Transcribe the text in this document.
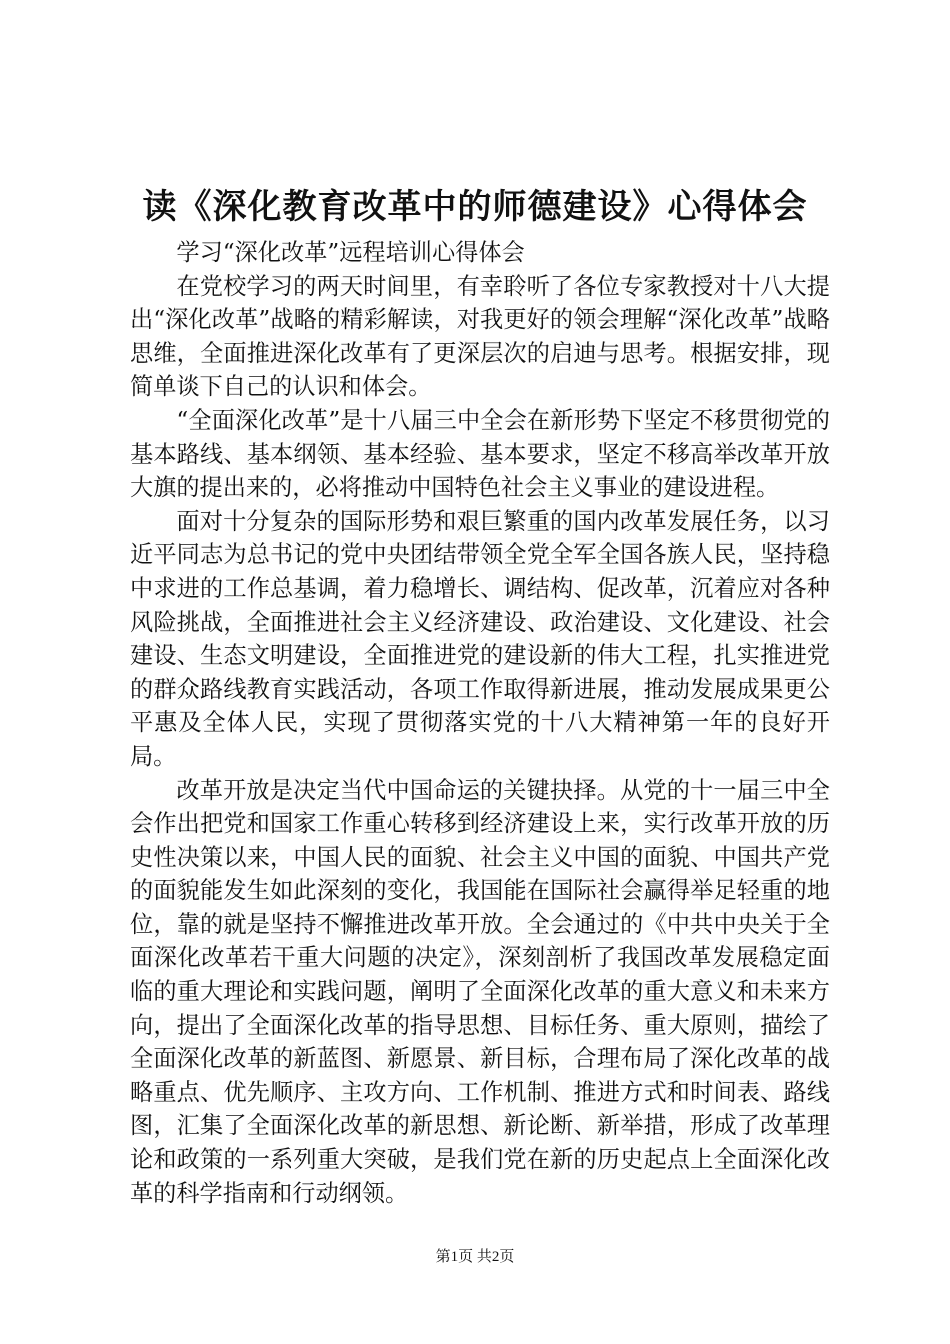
读《深化教育改革中的师德建设》心得体会

学习“深化改革”远程培训心得体会

在党校学习的两天时间里，有幸聆听了各位专家教授对十八大提出“深化改革”战略的精彩解读，对我更好的领会理解“深化改革”战略思维，全面推进深化改革有了更深层次的启迪与思考。根据安排，现简单谈下自己的认识和体会。

“全面深化改革”是十八届三中全会在新形势下坚定不移贯彻党的基本路线、基本纲领、基本经验、基本要求，坚定不移高举改革开放大旗的提出来的，必将推动中国特色社会主义事业的建设进程。

面对十分复杂的国际形势和艰巨繁重的国内改革发展任务，以习近平同志为总书记的党中央团结带领全党全军全国各族人民，坚持稳中求进的工作总基调，着力稳增长、调结构、促改革，沉着应对各种风险挑战，全面推进社会主义经济建设、政治建设、文化建设、社会建设、生态文明建设，全面推进党的建设新的伟大工程，扎实推进党的群众路线教育实践活动，各项工作取得新进展，推动发展成果更公平惠及全体人民，实现了贯彻落实党的十八大精神第一年的良好开局。

改革开放是决定当代中国命运的关键抉择。从党的十一届三中全会作出把党和国家工作重心转移到经济建设上来，实行改革开放的历史性决策以来，中国人民的面貌、社会主义中国的面貌、中国共产党的面貌能发生如此深刻的变化，我国能在国际社会赢得举足轻重的地位，靠的就是坚持不懈推进改革开放。全会通过的《中共中央关于全面深化改革若干重大问题的决定》，深刻剖析了我国改革发展稳定面临的重大理论和实践问题，阐明了全面深化改革的重大意义和未来方向，提出了全面深化改革的指导思想、目标任务、重大原则，描绘了全面深化改革的新蓝图、新愿景、新目标，合理布局了深化改革的战略重点、优先顺序、主攻方向、工作机制、推进方式和时间表、路线图，汇集了全面深化改革的新思想、新论断、新举措，形成了改革理论和政策的一系列重大突破，是我们党在新的历史起点上全面深化改革的科学指南和行动纲领。

第1页 共2页
